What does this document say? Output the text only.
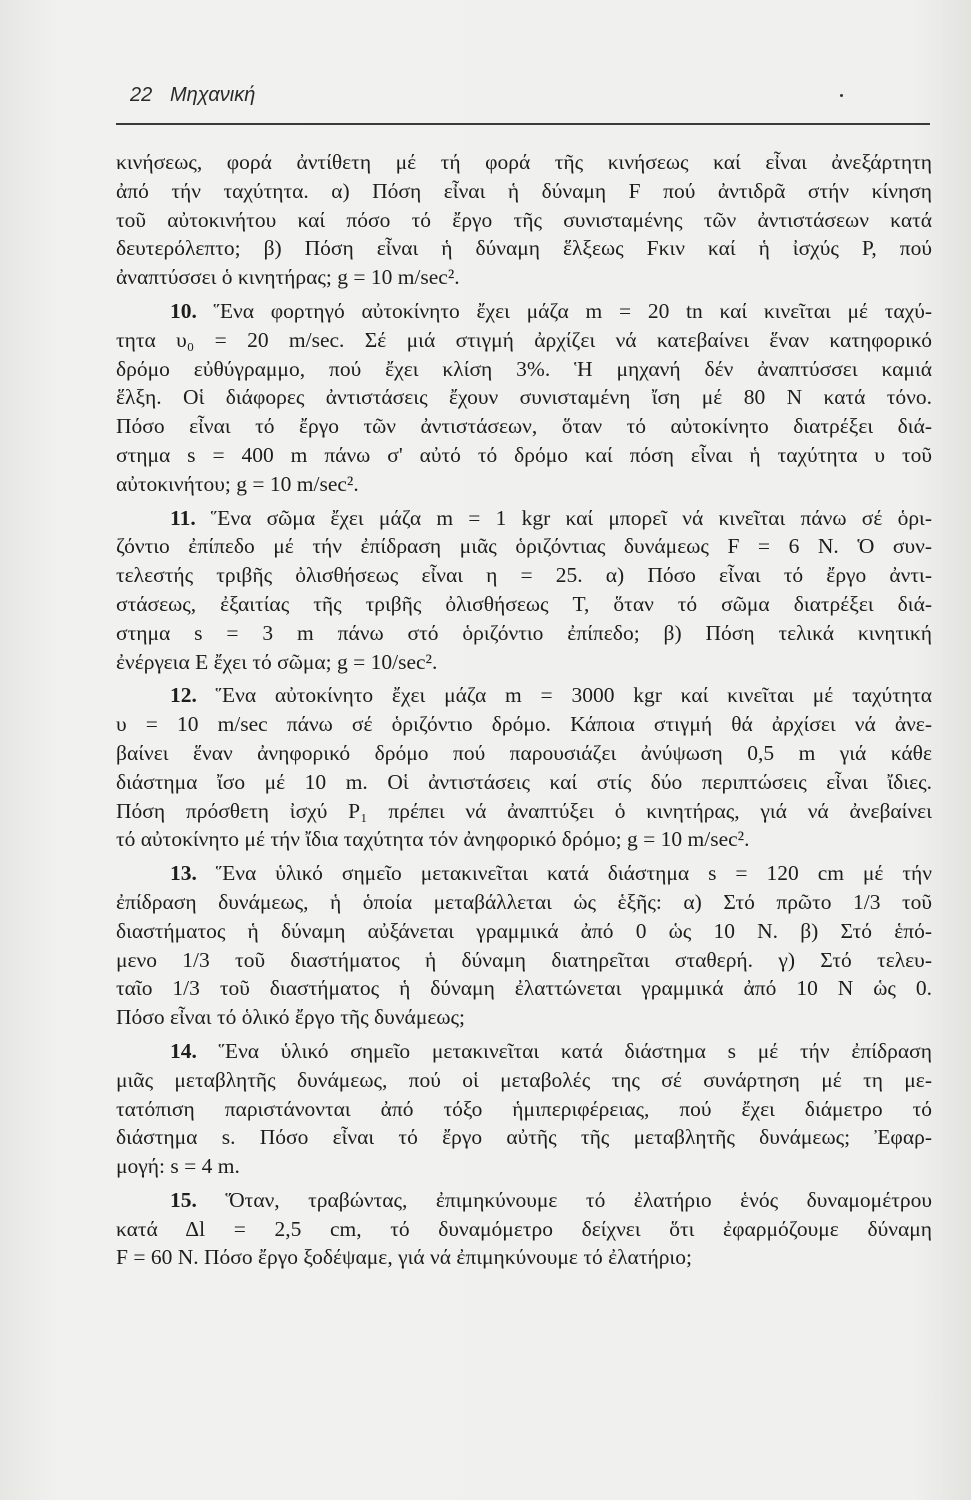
22 Μηχανική
κινήσεως, φορά ἀντίθετη μέ τή φορά τῆς κινήσεως καί εἶναι ἀνεξάρτητη
ἀπό τήν ταχύτητα. α) Πόση εἶναι ἡ δύναμη F πού ἀντιδρᾶ στήν κίνηση
τοῦ αὐτοκινήτου καί πόσο τό ἔργο τῆς συνισταμένης τῶν ἀντιστάσεων κατά
δευτερόλεπτο; β) Πόση εἶναι ἡ δύναμη ἕλξεως Fκιν καί ἡ ἰσχύς P, πού
ἀναπτύσσει ὁ κινητήρας; g = 10 m/sec².
10. Ἕνα φορτηγό αὐτοκίνητο ἔχει μάζα m = 20 tn καί κινεῖται μέ ταχύ-
τητα υ₀ = 20 m/sec. Σέ μιά στιγμή ἀρχίζει νά κατεβαίνει ἕναν κατηφορικό
δρόμο εὐθύγραμμο, πού ἔχει κλίση 3%. Ἡ μηχανή δέν ἀναπτύσσει καμιά
ἕλξη. Οἱ διάφορες ἀντιστάσεις ἔχουν συνισταμένη ἴση μέ 80 N κατά τόνο.
Πόσο εἶναι τό ἔργο τῶν ἀντιστάσεων, ὅταν τό αὐτοκίνητο διατρέξει διά-
στημα s = 400 m πάνω σ' αὐτό τό δρόμο καί πόση εἶναι ἡ ταχύτητα υ τοῦ
αὐτοκινήτου; g = 10 m/sec².
11. Ἕνα σῶμα ἔχει μάζα m = 1 kgr καί μπορεῖ νά κινεῖται πάνω σέ ὁρι-
ζόντιο ἐπίπεδο μέ τήν ἐπίδραση μιᾶς ὁριζόντιας δυνάμεως F = 6 N. Ὁ συν-
τελεστής τριβῆς ὀλισθήσεως εἶναι η = 25. α) Πόσο εἶναι τό ἔργο ἀντι-
στάσεως, ἐξαιτίας τῆς τριβῆς ὀλισθήσεως T, ὅταν τό σῶμα διατρέξει διά-
στημα s = 3 m πάνω στό ὁριζόντιο ἐπίπεδο; β) Πόση τελικά κινητική
ἐνέργεια E ἔχει τό σῶμα; g = 10/sec².
12. Ἕνα αὐτοκίνητο ἔχει μάζα m = 3000 kgr καί κινεῖται μέ ταχύτητα
υ = 10 m/sec πάνω σέ ὁριζόντιο δρόμο. Κάποια στιγμή θά ἀρχίσει νά ἀνε-
βαίνει ἕναν ἀνηφορικό δρόμο πού παρουσιάζει ἀνύψωση 0,5 m γιά κάθε
διάστημα ἴσο μέ 10 m. Οἱ ἀντιστάσεις καί στίς δύο περιπτώσεις εἶναι ἴδιες.
Πόση πρόσθετη ἰσχύ P₁ πρέπει νά ἀναπτύξει ὁ κινητήρας, γιά νά ἀνεβαίνει
τό αὐτοκίνητο μέ τήν ἴδια ταχύτητα τόν ἀνηφορικό δρόμο; g = 10 m/sec².
13. Ἕνα ὑλικό σημεῖο μετακινεῖται κατά διάστημα s = 120 cm μέ τήν
ἐπίδραση δυνάμεως, ἡ ὁποία μεταβάλλεται ὡς ἑξῆς: α) Στό πρῶτο 1/3 τοῦ
διαστήματος ἡ δύναμη αὐξάνεται γραμμικά ἀπό 0 ὡς 10 N. β) Στό ἑπό-
μενο 1/3 τοῦ διαστήματος ἡ δύναμη διατηρεῖται σταθερή. γ) Στό τελευ-
ταῖο 1/3 τοῦ διαστήματος ἡ δύναμη ἐλαττώνεται γραμμικά ἀπό 10 N ὡς 0.
Πόσο εἶναι τό ὁλικό ἔργο τῆς δυνάμεως;
14. Ἕνα ὑλικό σημεῖο μετακινεῖται κατά διάστημα s μέ τήν ἐπίδραση
μιᾶς μεταβλητῆς δυνάμεως, πού οἱ μεταβολές της σέ συνάρτηση μέ τη με-
τατόπιση παριστάνονται ἀπό τόξο ἡμιπεριφέρειας, πού ἔχει διάμετρο τό
διάστημα s. Πόσο εἶναι τό ἔργο αὐτῆς τῆς μεταβλητῆς δυνάμεως; Ἐφαρ-
μογή: s = 4 m.
15. Ὅταν, τραβώντας, ἐπιμηκύνουμε τό ἐλατήριο ἑνός δυναμομέτρου
κατά Δl = 2,5 cm, τό δυναμόμετρο δείχνει ὅτι ἐφαρμόζουμε δύναμη
F = 60 N. Πόσο ἔργο ξοδέψαμε, γιά νά ἐπιμηκύνουμε τό ἐλατήριο;
